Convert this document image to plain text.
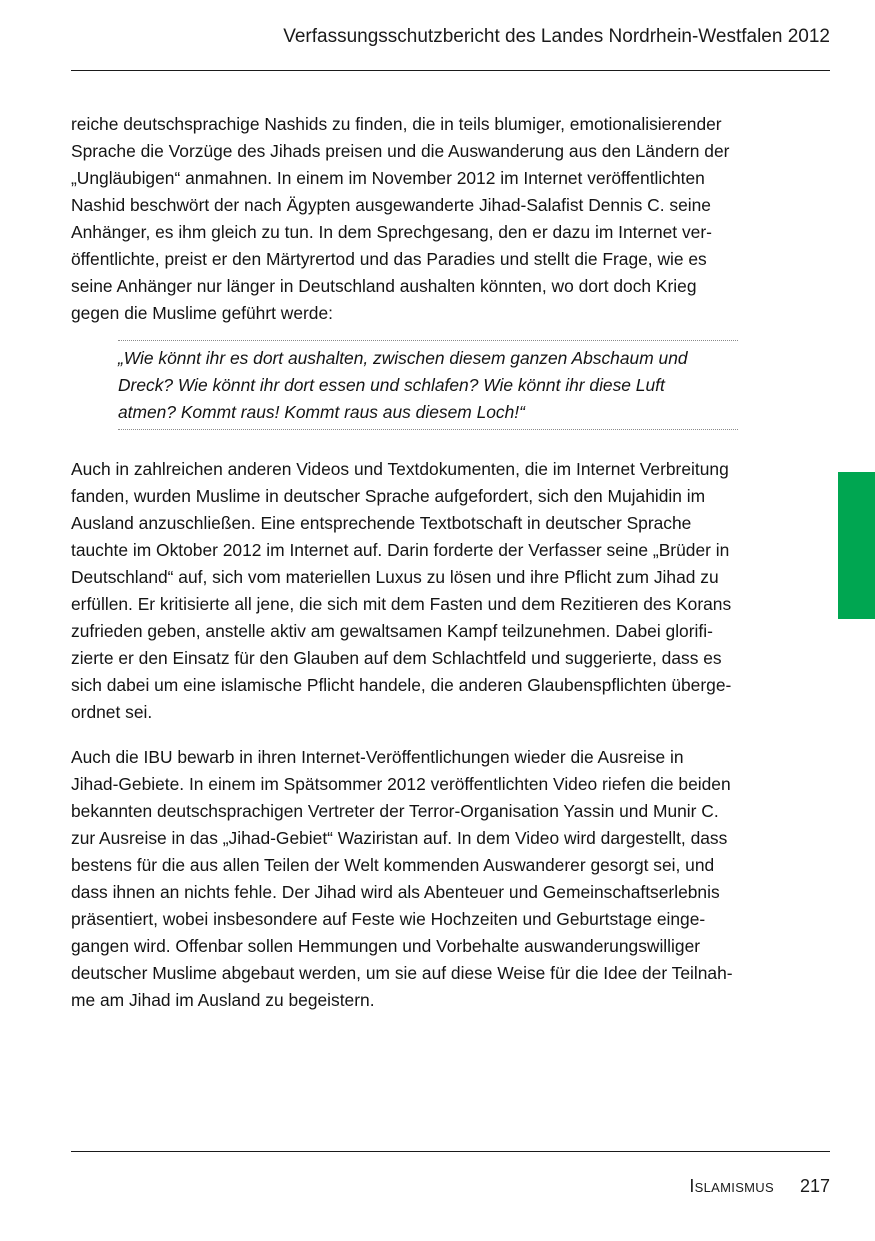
Verfassungsschutzbericht des Landes Nordrhein-Westfalen 2012
reiche deutschsprachige Nashids zu finden, die in teils blumiger, emotionalisierender
Sprache die Vorzüge des Jihads preisen und die Auswanderung aus den Ländern der
„Ungläubigen“ anmahnen. In einem im November 2012 im Internet veröffentlichten
Nashid beschwört der nach Ägypten ausgewanderte Jihad-Salafist Dennis C. seine
Anhänger, es ihm gleich zu tun. In dem Sprechgesang, den er dazu im Internet ver-
öffentlichte, preist er den Märtyrertod und das Paradies und stellt die Frage, wie es
seine Anhänger nur länger in Deutschland aushalten könnten, wo dort doch Krieg
gegen die Muslime geführt werde:
„Wie könnt ihr es dort aushalten, zwischen diesem ganzen Abschaum und
Dreck? Wie könnt ihr dort essen und schlafen? Wie könnt ihr diese Luft
atmen? Kommt raus! Kommt raus aus diesem Loch!“
Auch in zahlreichen anderen Videos und Textdokumenten, die im Internet Verbreitung
fanden, wurden Muslime in deutscher Sprache aufgefordert, sich den Mujahidin im
Ausland anzuschließen. Eine entsprechende Textbotschaft in deutscher Sprache
tauchte im Oktober 2012 im Internet auf. Darin forderte der Verfasser seine „Brüder in
Deutschland“ auf, sich vom materiellen Luxus zu lösen und ihre Pflicht zum Jihad zu
erfüllen. Er kritisierte all jene, die sich mit dem Fasten und dem Rezitieren des Korans
zufrieden geben, anstelle aktiv am gewaltsamen Kampf teilzunehmen. Dabei glorifi-
zierte er den Einsatz für den Glauben auf dem Schlachtfeld und suggerierte, dass es
sich dabei um eine islamische Pflicht handele, die anderen Glaubenspflichten überge-
ordnet sei.
Auch die IBU bewarb in ihren Internet-Veröffentlichungen wieder die Ausreise in
Jihad-Gebiete. In einem im Spätsommer 2012 veröffentlichten Video riefen die beiden
bekannten deutschsprachigen Vertreter der Terror-Organisation Yassin und Munir C.
zur Ausreise in das „Jihad-Gebiet“ Waziristan auf. In dem Video wird dargestellt, dass
bestens für die aus allen Teilen der Welt kommenden Auswanderer gesorgt sei, und
dass ihnen an nichts fehle. Der Jihad wird als Abenteuer und Gemeinschaftserlebnis
präsentiert, wobei insbesondere auf Feste wie Hochzeiten und Geburtstage einge-
gangen wird. Offenbar sollen Hemmungen und Vorbehalte auswanderungswilliger
deutscher Muslime abgebaut werden, um sie auf diese Weise für die Idee der Teilnah-
me am Jihad im Ausland zu begeistern.
Islamismus 217
